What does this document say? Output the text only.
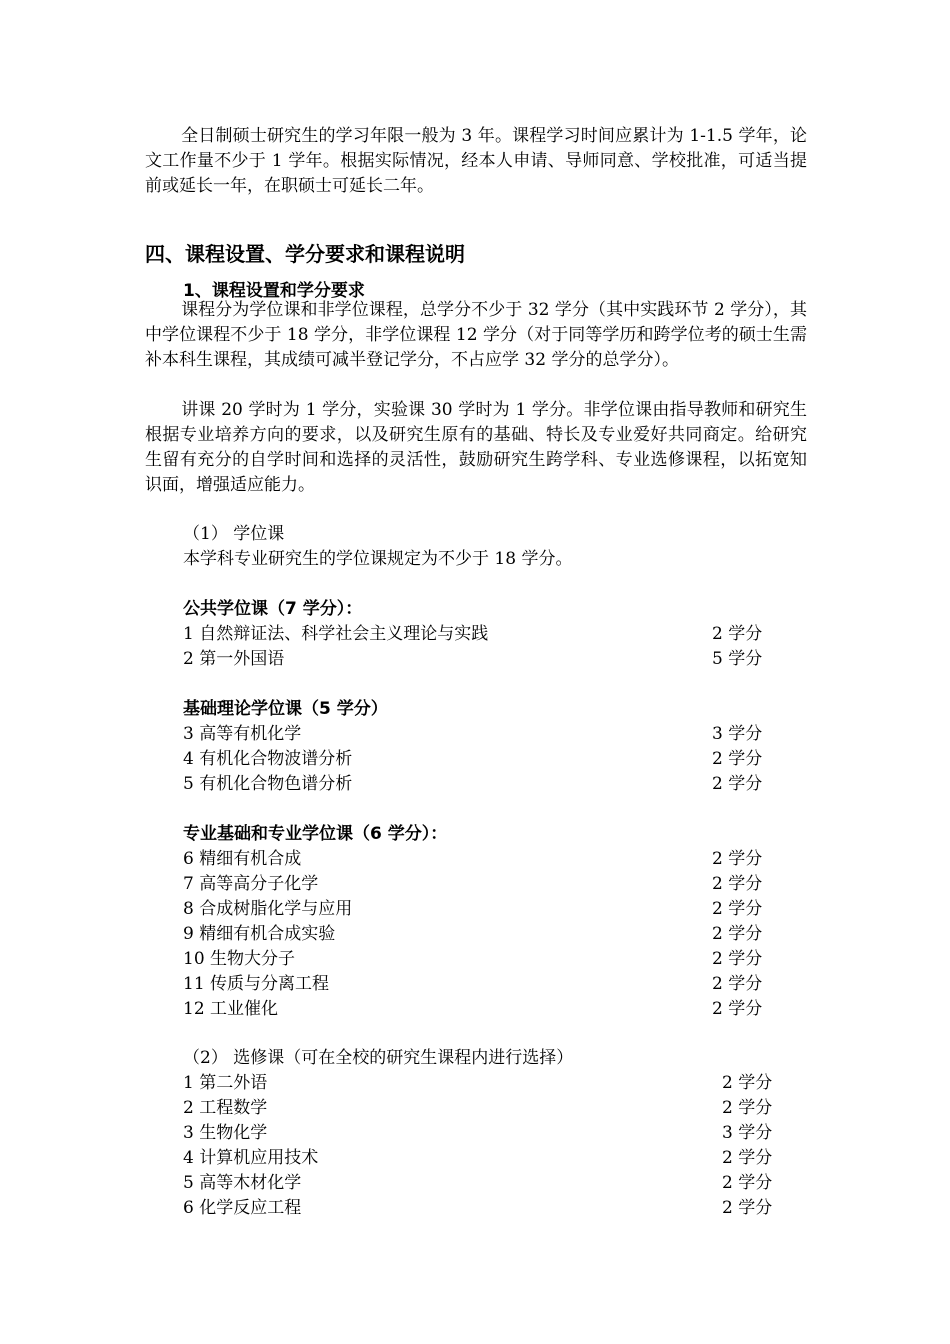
全日制硕士研究生的学习年限一般为 3 年。课程学习时间应累计为 1-1.5 学年，论文工作量不少于 1 学年。根据实际情况，经本人申请、导师同意、学校批准，可适当提前或延长一年，在职硕士可延长二年。

四、课程设置、学分要求和课程说明
1、课程设置和学分要求

课程分为学位课和非学位课程，总学分不少于 32 学分（其中实践环节 2 学分），其中学位课程不少于 18 学分，非学位课程 12 学分（对于同等学历和跨学位考的硕士生需补本科生课程，其成绩可减半登记学分，不占应学 32 学分的总学分）。

讲课 20 学时为 1 学分，实验课 30 学时为 1 学分。非学位课由指导教师和研究生根据专业培养方向的要求，以及研究生原有的基础、特长及专业爱好共同商定。给研究生留有充分的自学时间和选择的灵活性，鼓励研究生跨学科、专业选修课程，以拓宽知识面，增强适应能力。

（1） 学位课
本学科专业研究生的学位课规定为不少于 18 学分。
公共学位课（7 学分）：
1 自然辩证法、科学社会主义理论与实践	2 学分
2 第一外国语	5 学分
基础理论学位课（5 学分）
3 高等有机化学	3 学分
4 有机化合物波谱分析	2 学分
5 有机化合物色谱分析	2 学分
专业基础和专业学位课（6 学分）：
6 精细有机合成	2 学分
7 高等高分子化学	2 学分
8 合成树脂化学与应用	2 学分
9 精细有机合成实验	2 学分
10 生物大分子	2 学分
11 传质与分离工程	2 学分
12 工业催化	2 学分
（2） 选修课（可在全校的研究生课程内进行选择）
1 第二外语	2 学分
2 工程数学	2 学分
3 生物化学	3 学分
4 计算机应用技术	2 学分
5 高等木材化学	2 学分
6 化学反应工程	2 学分
